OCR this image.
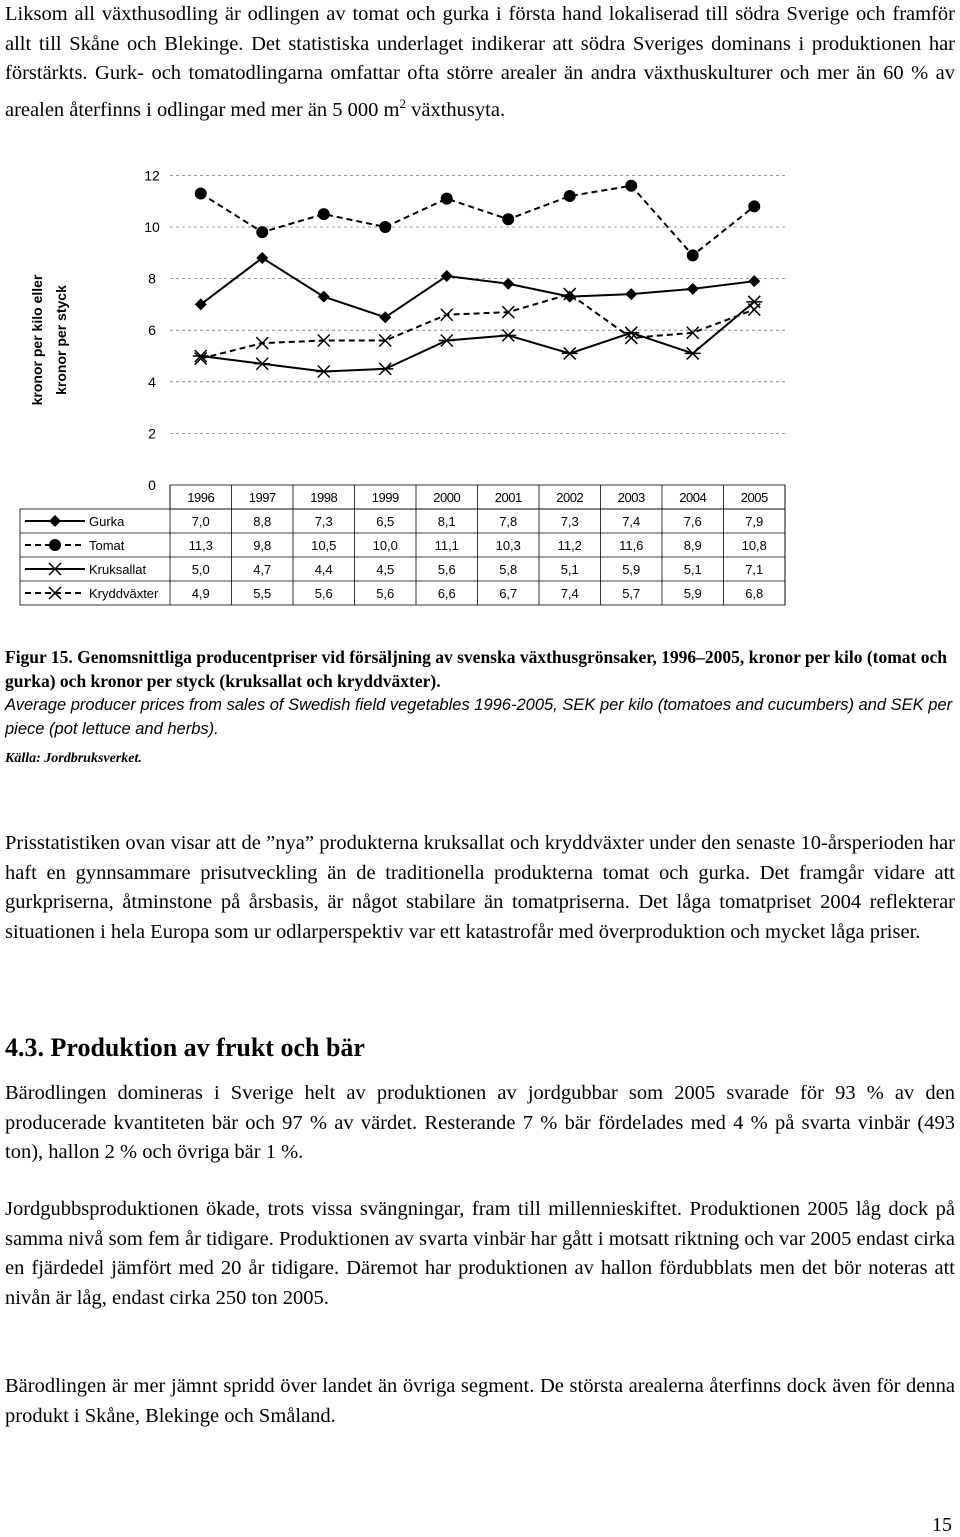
Liksom all växthusodling är odlingen av tomat och gurka i första hand lokaliserad till södra Sverige och framför allt till Skåne och Blekinge. Det statistiska underlaget indikerar att södra Sveriges dominans i produktionen har förstärkts. Gurk- och tomatodlingarna omfattar ofta större arealer än andra växthuskulturer och mer än 60 % av arealen återfinns i odlingar med mer än 5 000 $m^2$ växthusyta.

0
2
4
6
8
10
12
kronor per kilo eller kronor per styck
1996	1997	1998	1999	2000	2001	2002	2003	2004	2005
Gurka	7,0	8,8	7,3	6,5	8,1	7,8	7,3	7,4	7,6	7,9
Tomat	11,3	9,8	10,5	10,0	11,1	10,3	11,2	11,6	8,9	10,8
Kruksallat	5,0	4,7	4,4	4,5	5,6	5,8	5,1	5,9	5,1	7,1
Kryddväxter	4,9	5,5	5,6	5,6	6,6	6,7	7,4	5,7	5,9	6,8

Figur 15. Genomsnittliga producentpriser vid försäljning av svenska växthusgrönsaker, 1996–2005, kronor per kilo (tomat och gurka) och kronor per styck (kruksallat och kryddväxter).

Average producer prices from sales of Swedish field vegetables 1996-2005, SEK per kilo (tomatoes and cucumbers) and SEK per piece (pot lettuce and herbs).

Källa: Jordbruksverket.

Prisstatistiken ovan visar att de ”nya” produkterna kruksallat och kryddväxter under den senaste 10-årsperioden har haft en gynnsammare prisutveckling än de traditionella produkterna tomat och gurka. Det framgår vidare att gurkpriserna, åtminstone på årsbasis, är något stabilare än tomatpriserna. Det låga tomatpriset 2004 reflekterar situationen i hela Europa som ur odlarperspektiv var ett katastrofår med överproduktion och mycket låga priser.

4.3. Produktion av frukt och bär

Bärodlingen domineras i Sverige helt av produktionen av jordgubbar som 2005 svarade för 93 % av den producerade kvantiteten bär och 97 % av värdet. Resterande 7 % bär fördelades med 4 % på svarta vinbär (493 ton), hallon 2 % och övriga bär 1 %.

Jordgubbsproduktionen ökade, trots vissa svängningar, fram till millennieskiftet. Produktionen 2005 låg dock på samma nivå som fem år tidigare. Produktionen av svarta vinbär har gått i motsatt riktning och var 2005 endast cirka en fjärdedel jämfört med 20 år tidigare. Däremot har produktionen av hallon fördubblats men det bör noteras att nivån är låg, endast cirka 250 ton 2005.

Bärodlingen är mer jämnt spridd över landet än övriga segment. De största arealerna återfinns dock även för denna produkt i Skåne, Blekinge och Småland.

15
